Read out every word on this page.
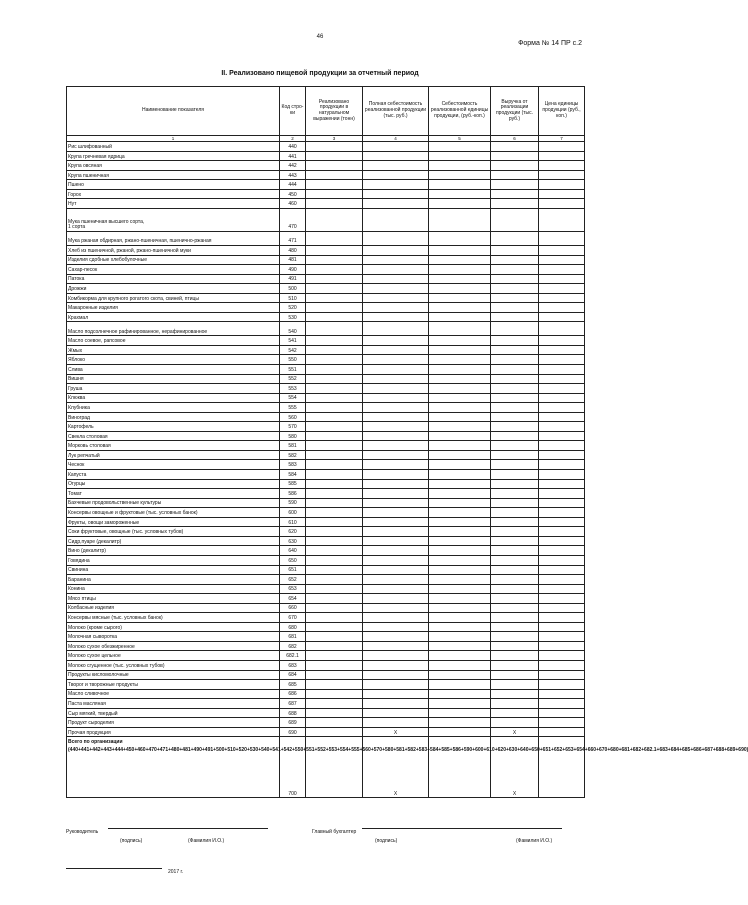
46
Форма № 14 ПР с.2
II. Реализовано пищевой продукции за отчетный период
Наименование показателя	Код стро-ки	Реализовано продукции в натуральном выражении (тонн)	Полная себестоимость реализованной продукции (тыс. руб.)	Себестоимость реализованной единицы продукции, (руб.-коп.)	Выручка от реализации продукции (тыс. руб.)	Цена единицы продукции (руб., коп.)
1	2	3	4	5	6	7
Рис шлифованный	440					
Крупа гречневая ядрица	441					
Крупа овсяная	442					
Крупа пшеничная	443					
Пшено	444					
Горох	450					
Нут	460					
Мука пшеничная высшего сорта,
1 сорта	470					
Мука ржаная обдирная, ржано-пшеничная, пшенично-ржаная	471					
Хлеб из пшеничной, ржаной, ржано-пшеничной муки	480					
Изделия сдобные хлебобулочные	481					
Сахар-песок	490					
Патока	491					
Дрожжи	500					
Комбикорма для крупного рогатого скота, свиней, птицы	510					
Макаронные изделия	520					
Крахмал	530					
Масло подсолнечное рафинированное, нерафинированное	540					
Масло соевое, рапсовое	541					
Жмых	542					
Яблоко	550					
Слива	551					
Вишня	552					
Груша	553					
Клюква	554					
Клубника	555					
Виноград	560					
Картофель	570					
Свекла столовая	580					
Морковь столовая	581					
Лук репчатый	582					
Чеснок	583					
Капуста	584					
Огурцы	585					
Томат	586					
Бахчевые продовольственные культуры	590					
Консервы овощные и фруктовые (тыс. условных банок)	600					
Фрукты, овощи замороженные	610					
Соки фруктовые, овощные (тыс. условных тубов)	620					
Сидр,пуаре (декалитр)	630					
Вино (декалитр)	640					
Говядина	650					
Свинина	651					
Баранина	652					
Конина	653					
Мясо птицы	654					
Колбасные изделия	660					
Консервы мясные (тыс. условных банок)	670					
Молоко (кроме сырого)	680					
Молочная сыворотка	681					
Молоко сухое обезжиренное	682					
Молоко сухое цельное	682.1					
Молоко сгущенное (тыс. условных тубов)	683					
Продукты кисломолочные	684					
Творог и творожные продукты	685					
Масло сливочное	686					
Паста масляная	687					
Сыр мягкий, твердый	688					
Продукт сыроделия	689					
Прочая продукция	690		X		X	

Всего по организации
(440+441+442+443+444+450+460+470+471+480+481+490+491+500+510+520+530+540+541+542+550+551+552+553+554+555+560+570+580+581+582+583+584+585+586+590+600+610+620+630+640+650+651+652+653+654+660+670+680+681+682+682.1+683+684+685+686+687+688+689+690)	700		X		X	
Руководитель
(подпись)	(Фамилия И.О.)
Главный бухгалтер
(подпись)	(Фамилия И.О.)
2017 г.
